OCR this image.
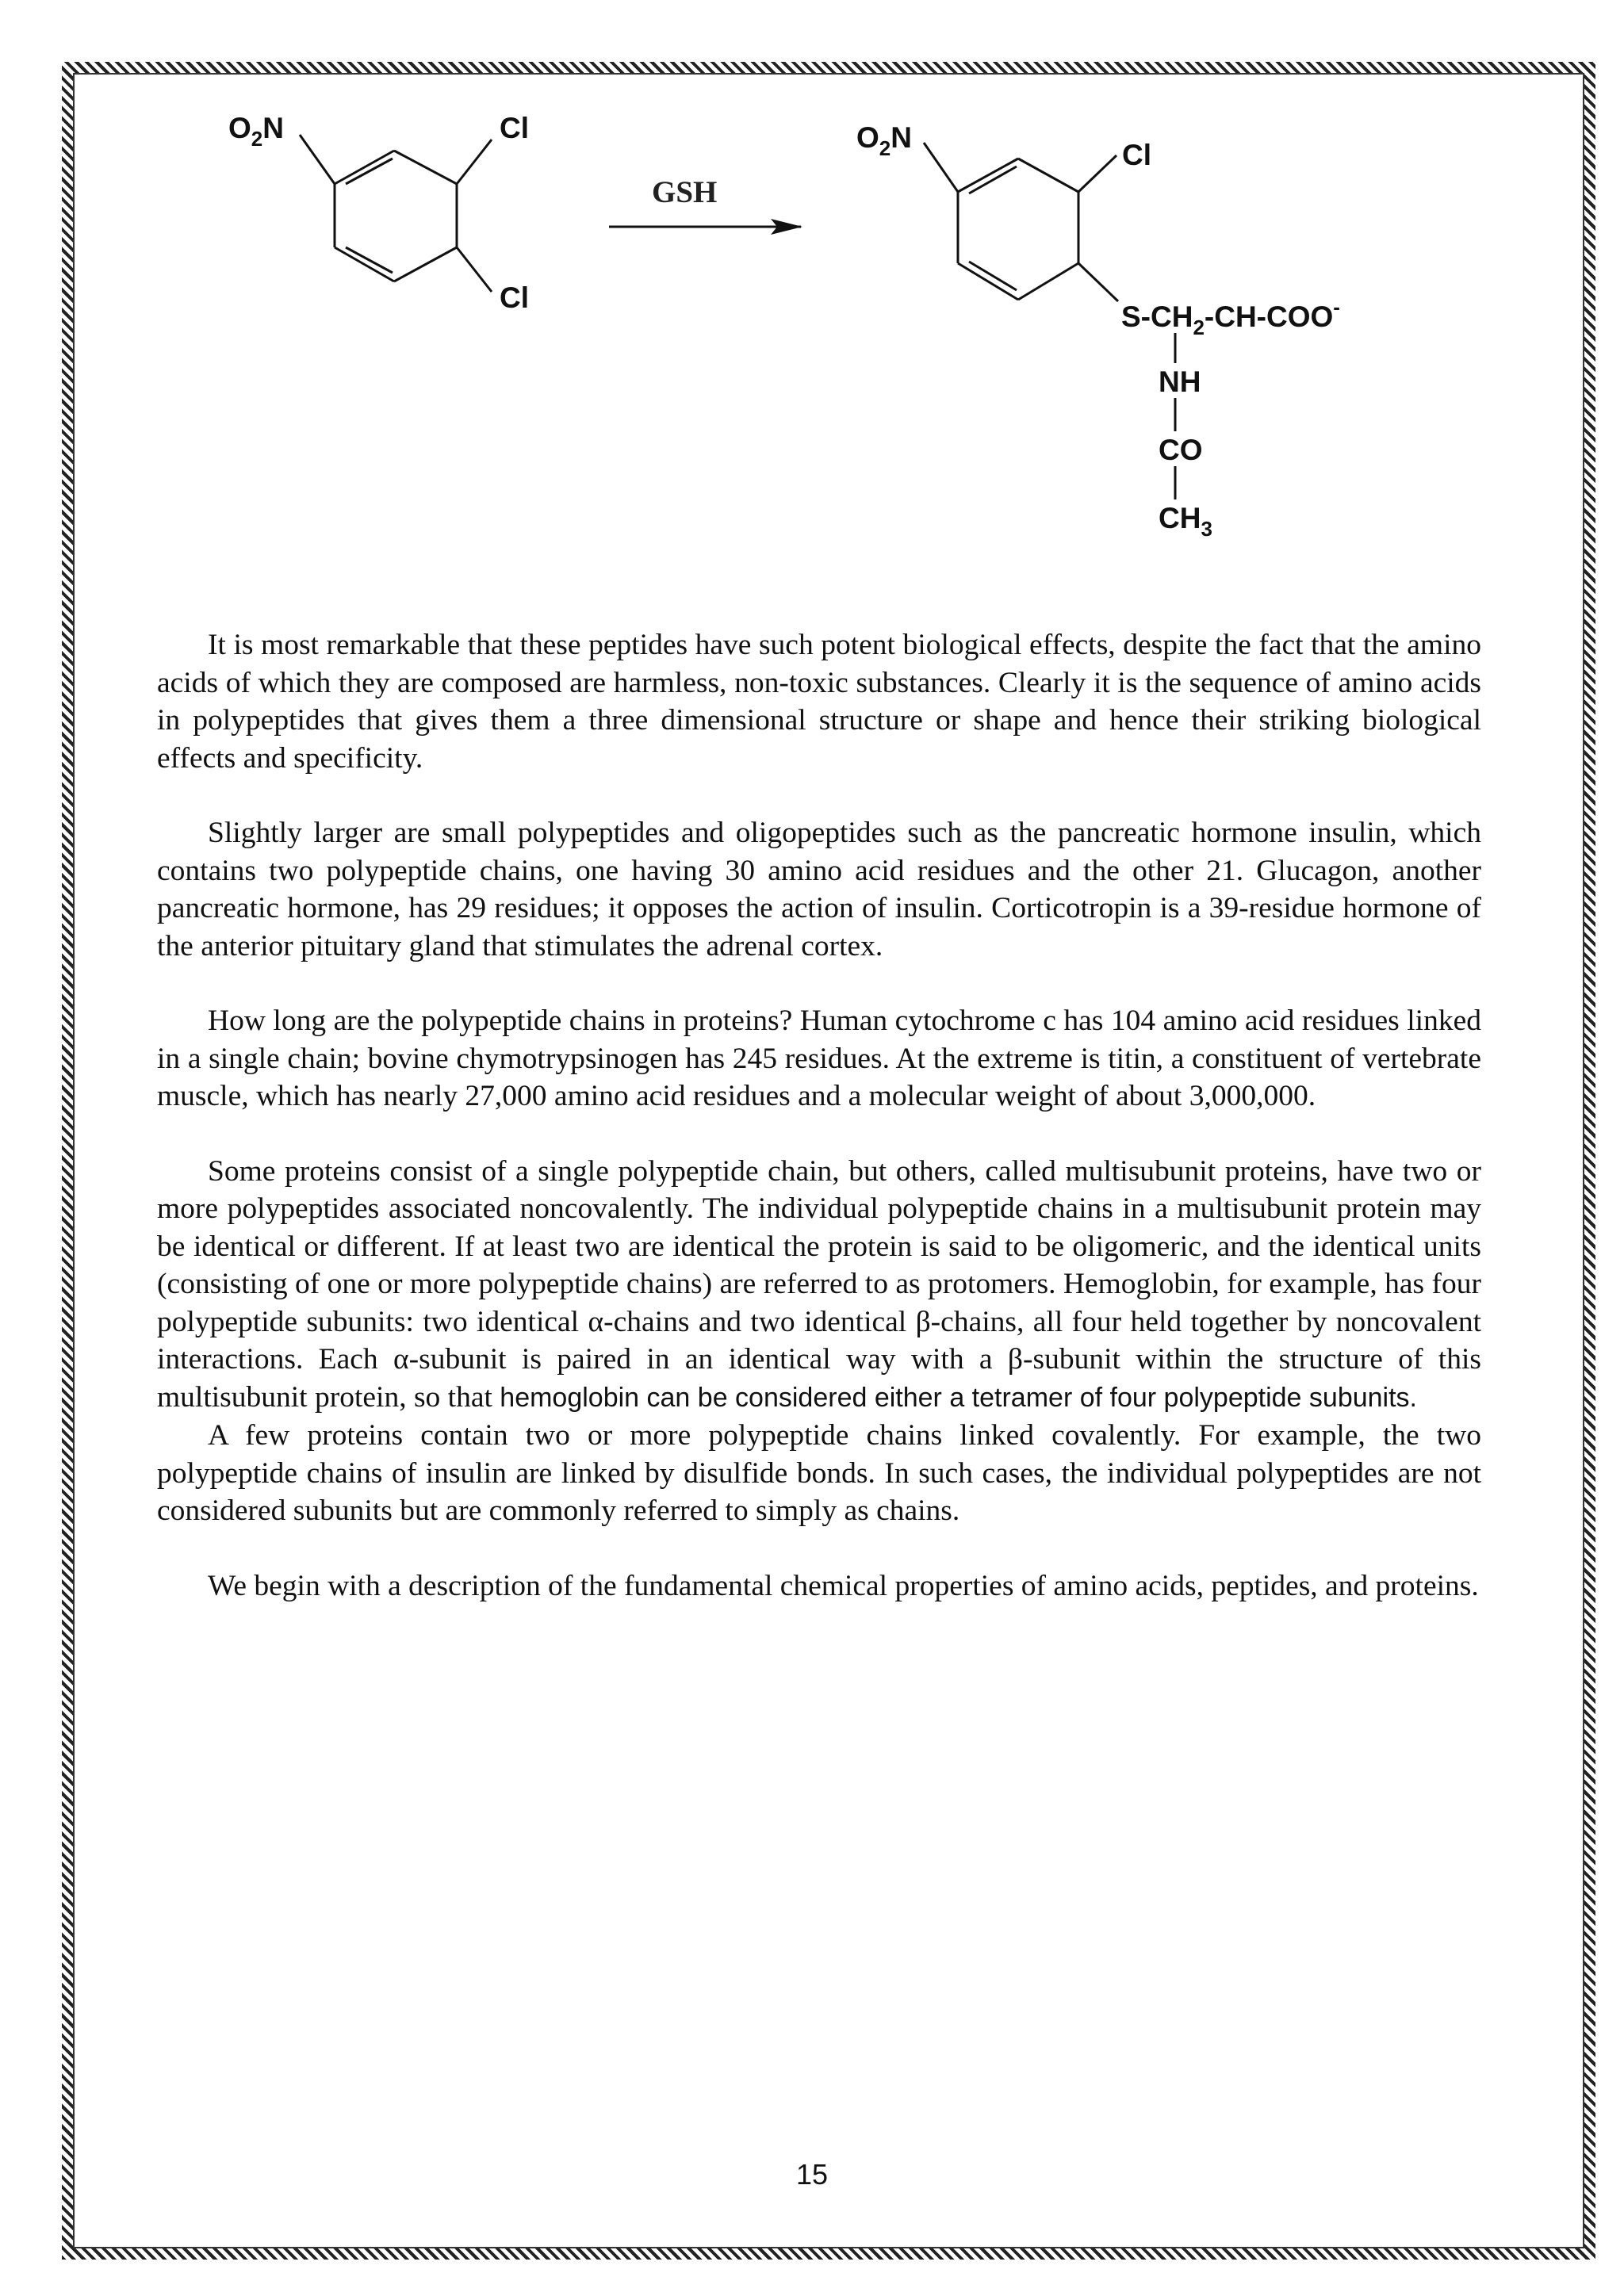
$O_2N$	Cl
Cl
GSH
$O_2N$
Cl
$S-CH_2-CH-COO^-$
NH
CO
$CH_3$

It is most remarkable that these peptides have such potent biological effects, despite the fact that the amino acids of which they are composed are harmless, non-toxic substances. Clearly it is the sequence of amino acids in polypeptides that gives them a three dimensional structure or shape and hence their striking biological effects and specificity.

Slightly larger are small polypeptides and oligopeptides such as the pancreatic hormone insulin, which contains two polypeptide chains, one having 30 amino acid residues and the other 21. Glucagon, another pancreatic hormone, has 29 residues; it opposes the action of insulin. Corticotropin is a 39-residue hormone of the anterior pituitary gland that stimulates the adrenal cortex.

How long are the polypeptide chains in proteins? Human cytochrome c has 104 amino acid residues linked in a single chain; bovine chymotrypsinogen has 245 residues. At the extreme is titin, a constituent of vertebrate muscle, which has nearly 27,000 amino acid residues and a molecular weight of about 3,000,000.

Some proteins consist of a single polypeptide chain, but others, called multisubunit proteins, have two or more polypeptides associated noncovalently. The individual polypeptide chains in a multisubunit protein may be identical or different. If at least two are identical the protein is said to be oligomeric, and the identical units (consisting of one or more polypeptide chains) are referred to as protomers. Hemoglobin, for example, has four polypeptide subunits: two identical α-chains and two identical β-chains, all four held together by noncovalent interactions. Each α-subunit is paired in an identical way with a β-subunit within the structure of this multisubunit protein, so that hemoglobin can be considered either a tetramer of four polypeptide subunits.

A few proteins contain two or more polypeptide chains linked covalently. For example, the two polypeptide chains of insulin are linked by disulfide bonds. In such cases, the individual polypeptides are not considered subunits but are commonly referred to simply as chains.

We begin with a description of the fundamental chemical properties of amino acids, peptides, and proteins.

15
